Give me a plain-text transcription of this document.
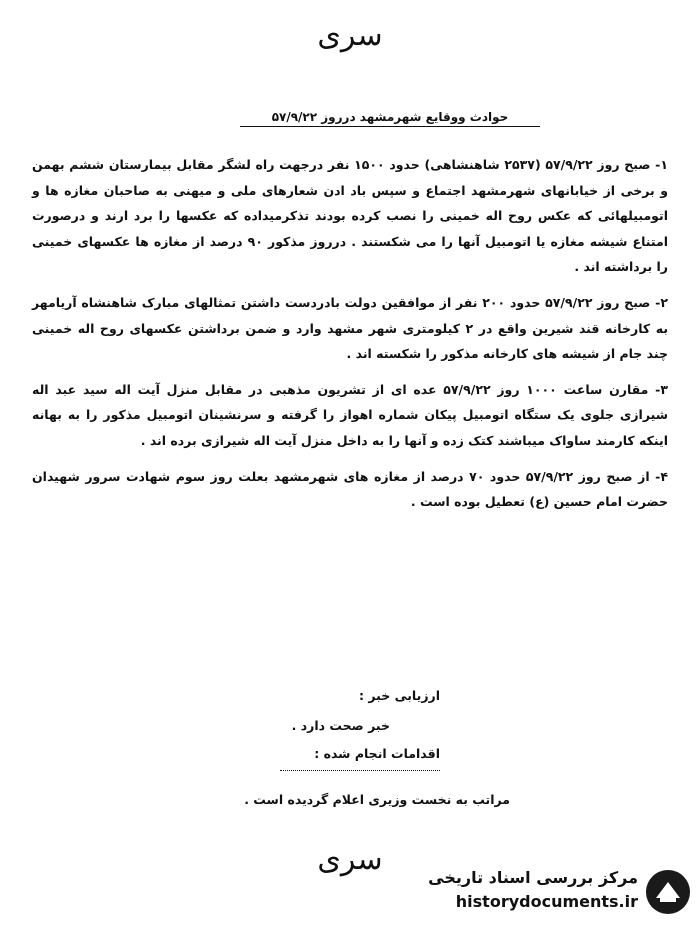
سری
حوادث ووقایع شهرمشهد درروز ۵۷/۹/۲۲

۱- صبح روز ۵۷/۹/۲۲ (۲۵۳۷ شاهنشاهی) حدود ۱۵۰۰ نفر درجهت راه لشگر مقابل بیمارستان ششم بهمن و برخی از خیابانهای شهرمشهد اجتماع و سپس باد ادن شعارهای ملی و میهنی به صاحبان مغازه ها و اتومبیلهائی که عکس روح اله خمینی را نصب کرده بودند تذکرمیداده که عکسها را برد ارند و درصورت امتناع شیشه مغازه یا اتومبیل آنها را می شکستند . درروز مذکور ۹۰ درصد از مغازه ها عکسهای خمینی را برداشته اند .

۲- صبح روز ۵۷/۹/۲۲ حدود ۲۰۰ نفر از موافقین دولت بادردست داشتن تمثالهای مبارک شاهنشاه آریامهر به کارخانه قند شیرین واقع در ۲ کیلومتری شهر مشهد وارد و ضمن برداشتن عکسهای روح اله خمینی چند جام از شیشه های کارخانه مذکور را شکسته اند .

۳- مقارن ساعت ۱۰۰۰ روز ۵۷/۹/۲۲ عده ای از تشریون مذهبی در مقابل منزل آیت اله سید عبد اله شیرازی جلوی یک ستگاه اتومبیل پیکان شماره اهواز را گرفته و سرنشینان اتومبیل مذکور را به بهانه اینکه کارمند ساواک میباشند کتک زده و آنها را به داخل منزل آیت اله شیرازی برده اند .

۴- از صبح روز ۵۷/۹/۲۲ حدود ۷۰ درصد از مغازه های شهرمشهد بعلت روز سوم شهادت سرور شهیدان حضرت امام حسین (ع) تعطیل بوده است .

ارزیابی خبر :
خبر صحت دارد .
اقدامات انجام شده :
مراتب به نخست وزیری اعلام گردیده است .
سری
مرکز بررسی اسناد تاریخی
historydocuments.ir
